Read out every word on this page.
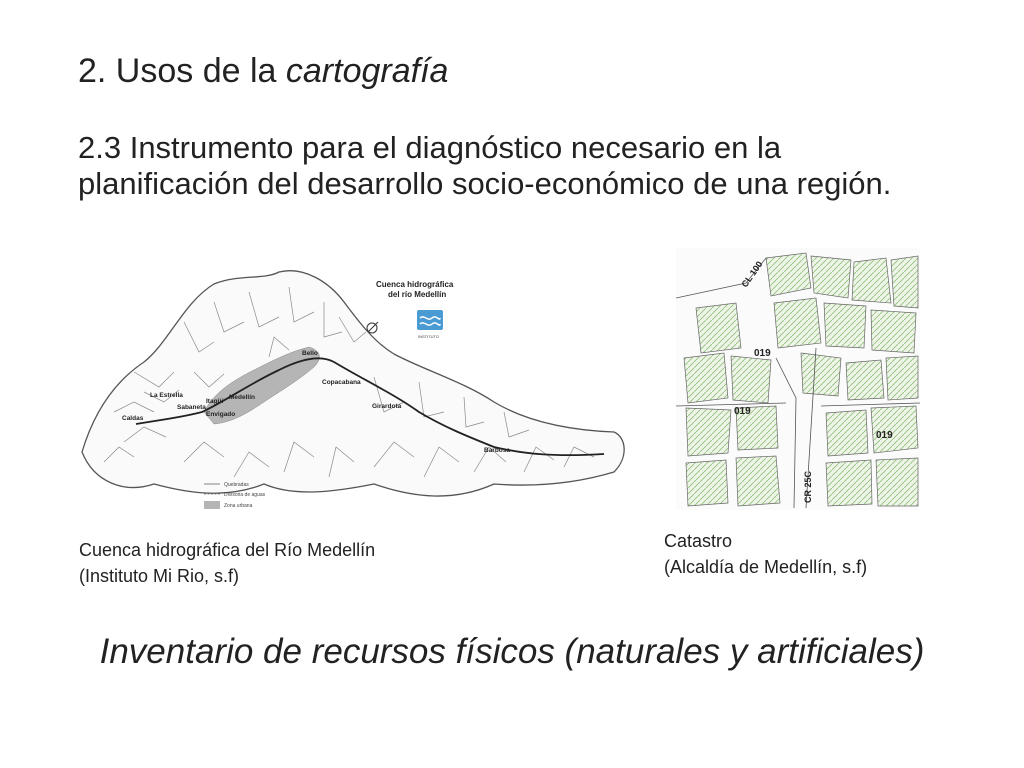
2. Usos de la cartografía

2.3 Instrumento para el diagnóstico necesario en la planificación del desarrollo socio-económico de una región.

Bello
Copacabana
Girardota
Barbosa
Medellín
Itagüí
Sabaneta
Envigado
La Estrella
Caldas
Cuenca hidrográfica
del río Medellín
INSTITUTO
Quebradas
Divisoria de aguas
Zona urbana
CL 100
019
019
019
CR 25C

Cuenca hidrográfica del Río Medellín
(Instituto Mi Rio, s.f)

Catastro
(Alcaldía de Medellín, s.f)

Inventario de recursos físicos (naturales y artificiales)
